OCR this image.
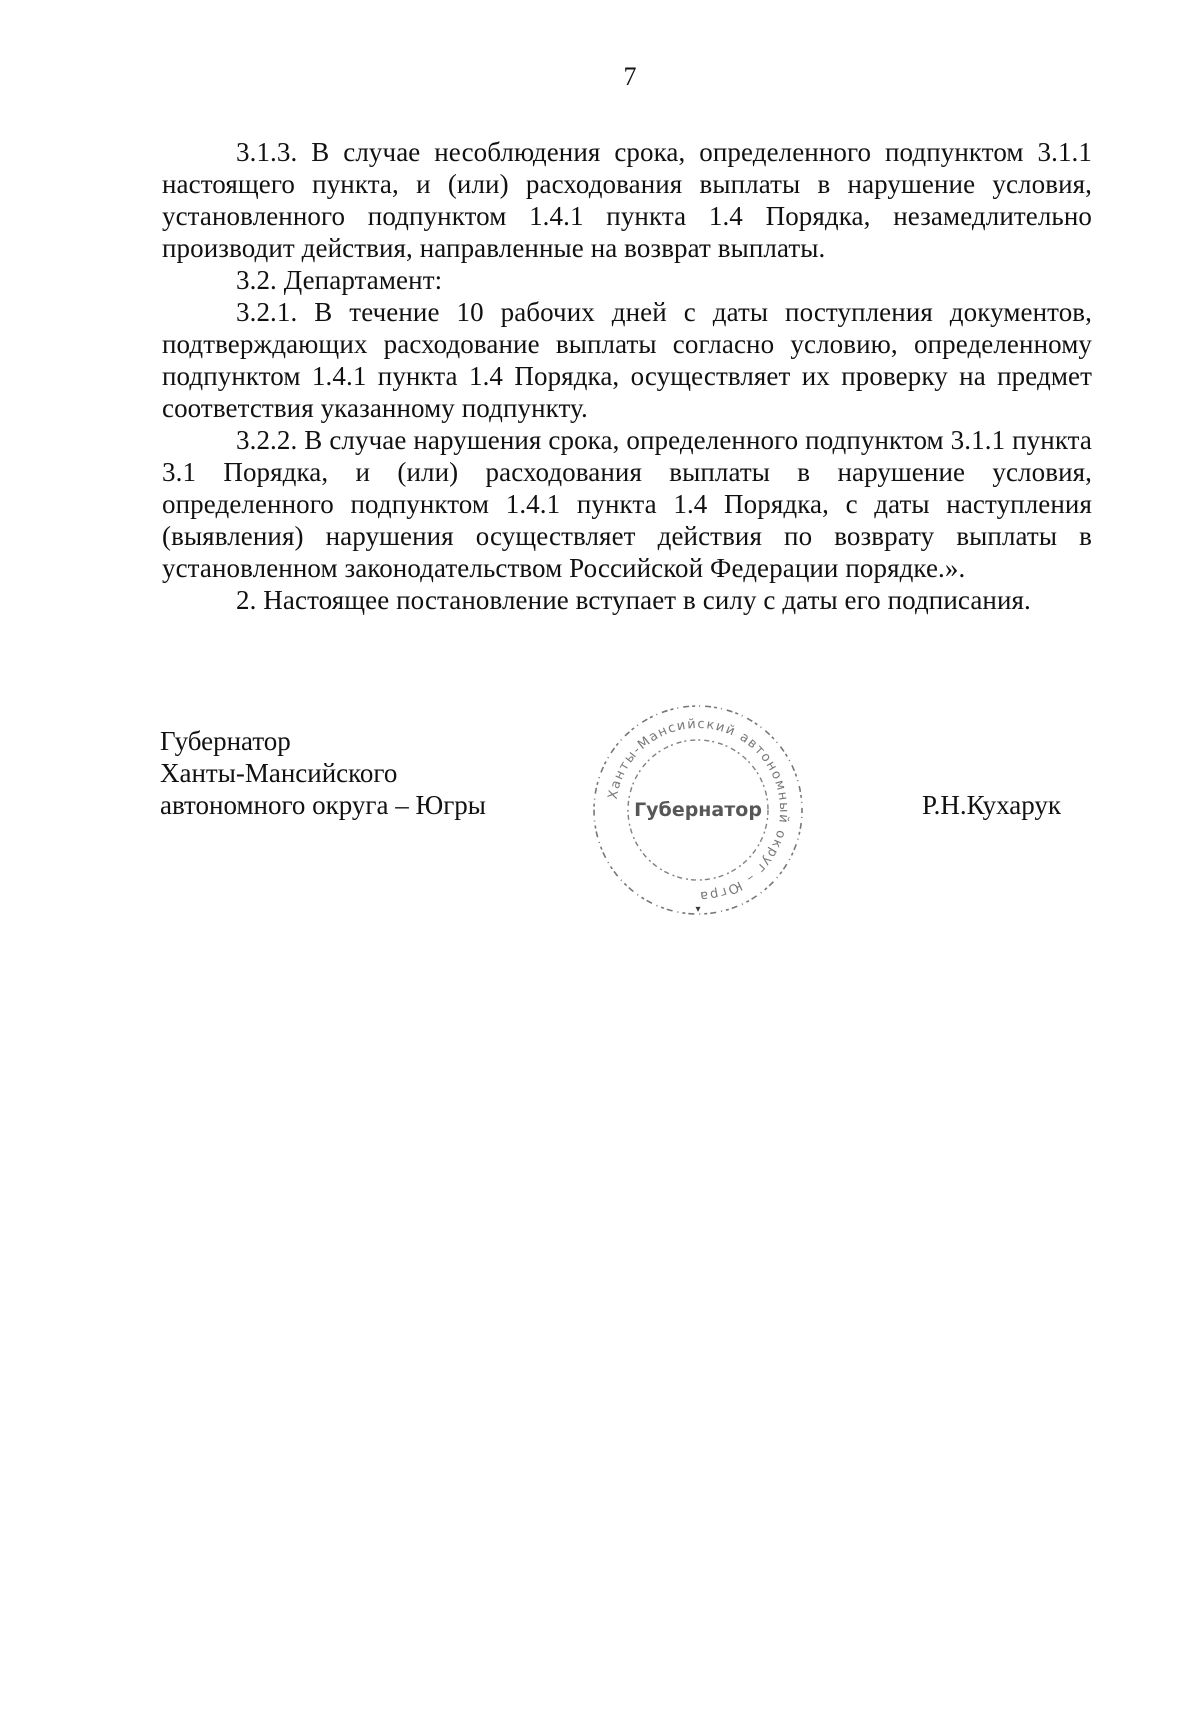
7

3.1.3. В случае несоблюдения срока, определенного подпунктом 3.1.1 настоящего пункта, и (или) расходования выплаты в нарушение условия, установленного подпунктом 1.4.1 пункта 1.4 Порядка, незамедлительно производит действия, направленные на возврат выплаты.

3.2. Департамент:

3.2.1. В течение 10 рабочих дней с даты поступления документов, подтверждающих расходование выплаты согласно условию, определенному подпунктом 1.4.1 пункта 1.4 Порядка, осуществляет их проверку на предмет соответствия указанному подпункту.

3.2.2. В случае нарушения срока, определенного подпунктом 3.1.1 пункта 3.1 Порядка, и (или) расходования выплаты в нарушение условия, определенного подпунктом 1.4.1 пункта 1.4 Порядка, с даты наступления (выявления) нарушения осуществляет действия по возврату выплаты в установленном законодательством Российской Федерации порядке.».

2. Настоящее постановление вступает в силу с даты его подписания.

Губернатор
Ханты-Мансийского
автономного округа – Югры	Р.Н.Кухарук
Ханты-Мансийский автономный округ – Югра
Губернатор
▾
